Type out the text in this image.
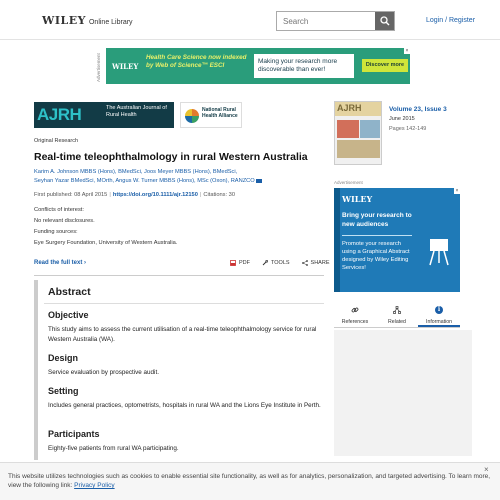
WILEY Online Library
Search	Login / Register
Advertisement WILEY
Health Care Science now indexed by Web of Science™ ESCI
Making your research more discoverable than ever!
Discover more
×
AJRH	The Australian Journal of Rural Health
National Rural Health Alliance
Original Research
Real-time teleophthalmology in rural Western Australia
Karim A. Johnson MBBS (Hons), BMedSci, Joos Meyer MBBS (Hons), BMedSci,
Seyhan Yazar BMedSci, MOrth, Angus W. Turner MBBS (Hons), MSc (Oxon), RANZCO
First published: 08 April 2015 | https://doi.org/10.1111/ajr.12150 | Citations: 30
Conflicts of interest:
No relevant disclosures.
Funding sources:
Eye Surgery Foundation, University of Western Australia.
Read the full text ›	PDF	TOOLS	SHARE
Abstract
Objective

This study aims to assess the current utilisation of a real-time teleophthalmology service for rural Western Australia (WA).

Design

Service evaluation by prospective audit.

Setting

Includes general practices, optometrists, hospitals in rural WA and the Lions Eye Institute in Perth.

Participants

Eighty-five patients from rural WA participating.

AJRH	Volume 23, Issue 3
June 2015
Pages 142-149
Advertisement
WILEY
Bring your research to new audiences
Promote your research using a Graphical Abstract designed by Wiley Editing Services!
×
References	Related
i
Information

This website utilizes technologies such as cookies to enable essential site functionality, as well as for analytics, personalization, and targeted advertising. To learn more, view the following link: Privacy Policy

×
